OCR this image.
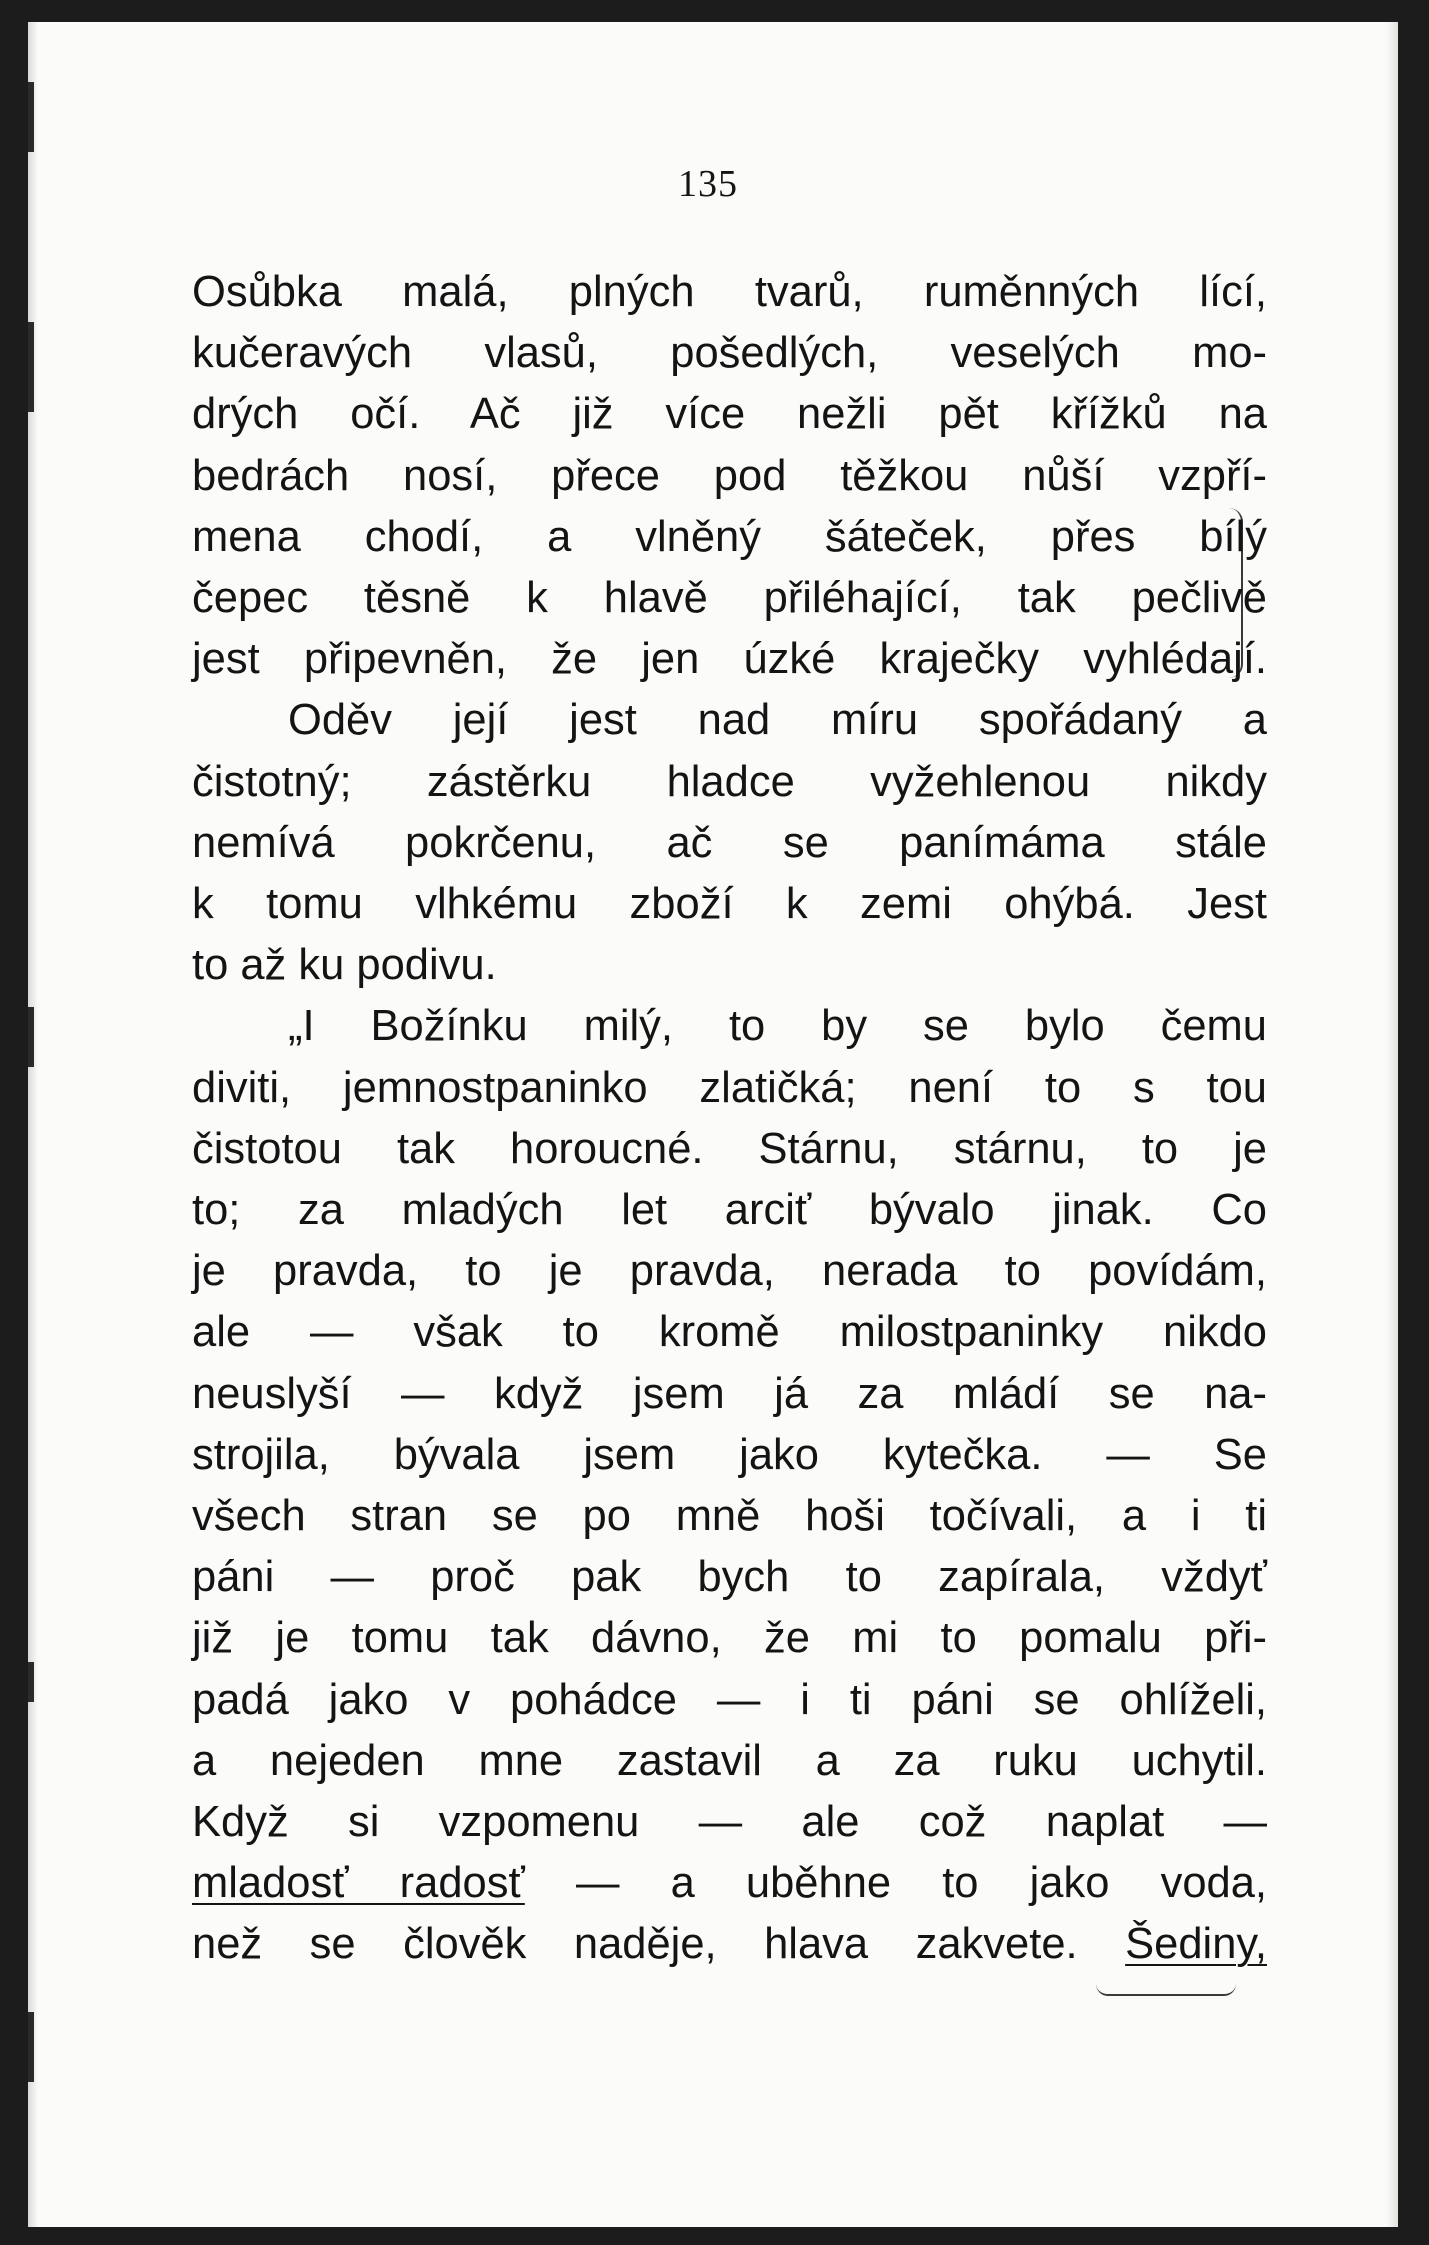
135
Osůbka malá, plných tvarů, ruměnných lící,
kučeravých vlasů, pošedlých, veselých mo-
drých očí. Ač již více nežli pět křížků na
bedrách nosí, přece pod těžkou nůší vzpří-
mena chodí, a vlněný šáteček, přes bílý
čepec těsně k hlavě přiléhající, tak pečlivě
jest připevněn, že jen úzké kraječky vyhlédají.
Oděv její jest nad míru spořádaný a
čistotný; zástěrku hladce vyžehlenou nikdy
nemívá pokrčenu, ač se panímáma stále
k tomu vlhkému zboží k zemi ohýbá. Jest
to až ku podivu.
„I Božínku milý, to by se bylo čemu
diviti, jemnostpaninko zlatičká; není to s tou
čistotou tak horoucné. Stárnu, stárnu, to je
to; za mladých let arciť bývalo jinak. Co
je pravda, to je pravda, nerada to povídám,
ale — však to kromě milostpaninky nikdo
neuslyší — když jsem já za mládí se na-
strojila, bývala jsem jako kytečka. — Se
všech stran se po mně hoši točívali, a i ti
páni — proč pak bych to zapírala, vždyť
již je tomu tak dávno, že mi to pomalu při-
padá jako v pohádce — i ti páni se ohlíželi,
a nejeden mne zastavil a za ruku uchytil.
Když si vzpomenu — ale což naplat —
mladosť radosť — a uběhne to jako voda,
než se člověk naděje, hlava zakvete. Šediny,
